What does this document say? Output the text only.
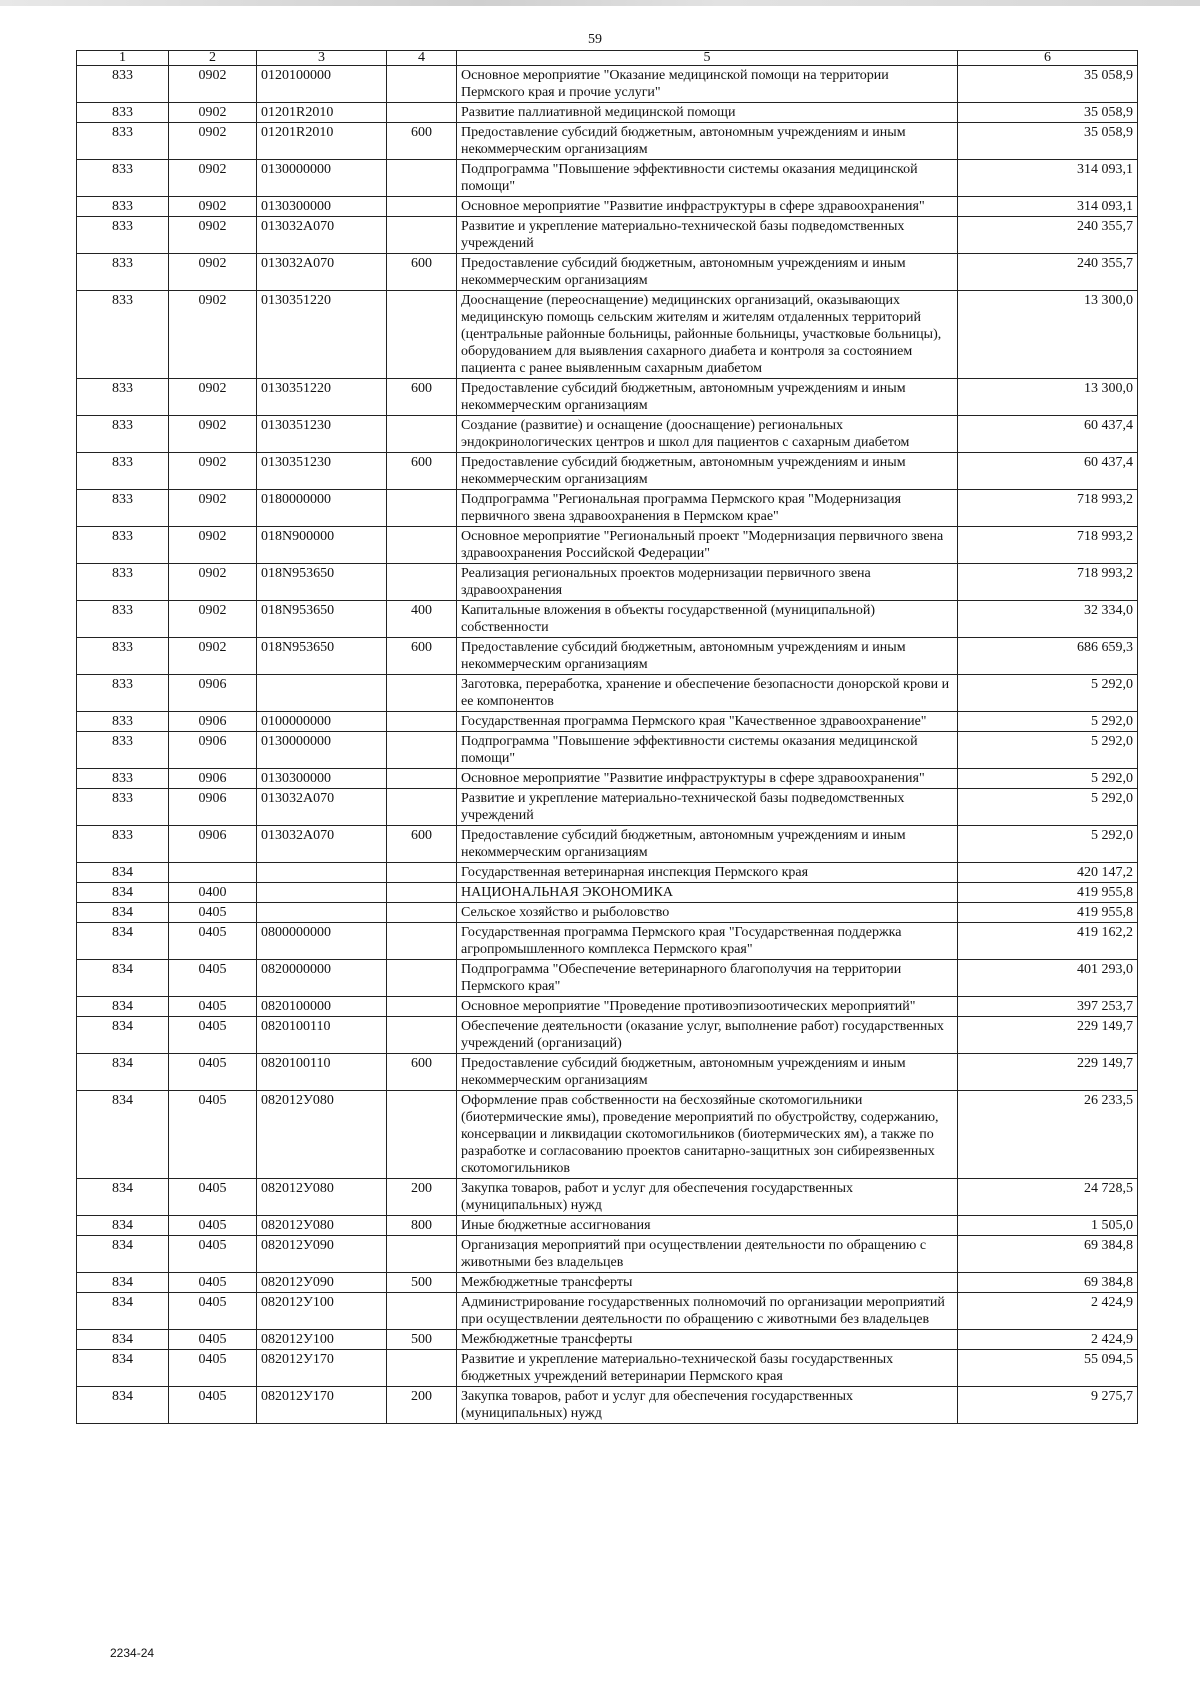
59
1	2	3	4	5	6
833	0902	0120100000		Основное мероприятие "Оказание медицинской помощи на территории Пермского края и прочие услуги"	35 058,9
833	0902	01201R2010		Развитие паллиативной медицинской помощи	35 058,9
833	0902	01201R2010	600	Предоставление субсидий бюджетным, автономным учреждениям и иным некоммерческим организациям	35 058,9
833	0902	0130000000		Подпрограмма "Повышение эффективности системы оказания медицинской помощи"	314 093,1
833	0902	0130300000		Основное мероприятие "Развитие инфраструктуры в сфере здравоохранения"	314 093,1
833	0902	013032А070		Развитие и укрепление материально-технической базы подведомственных учреждений	240 355,7
833	0902	013032А070	600	Предоставление субсидий бюджетным, автономным учреждениям и иным некоммерческим организациям	240 355,7
833	0902	0130351220		Дооснащение (переоснащение) медицинских организаций, оказывающих медицинскую помощь сельским жителям и жителям отдаленных территорий (центральные районные больницы, районные больницы, участковые больницы), оборудованием для выявления сахарного диабета и контроля за состоянием пациента с ранее выявленным сахарным диабетом	13 300,0
833	0902	0130351220	600	Предоставление субсидий бюджетным, автономным учреждениям и иным некоммерческим организациям	13 300,0
833	0902	0130351230		Создание (развитие) и оснащение (дооснащение) региональных эндокринологических центров и школ для пациентов с сахарным диабетом	60 437,4
833	0902	0130351230	600	Предоставление субсидий бюджетным, автономным учреждениям и иным некоммерческим организациям	60 437,4
833	0902	0180000000		Подпрограмма "Региональная программа Пермского края "Модернизация первичного звена здравоохранения в Пермском крае"	718 993,2
833	0902	018N900000		Основное мероприятие "Региональный проект "Модернизация первичного звена здравоохранения Российской Федерации"	718 993,2
833	0902	018N953650		Реализация региональных проектов модернизации первичного звена здравоохранения	718 993,2
833	0902	018N953650	400	Капитальные вложения в объекты государственной (муниципальной) собственности	32 334,0
833	0902	018N953650	600	Предоставление субсидий бюджетным, автономным учреждениям и иным некоммерческим организациям	686 659,3
833	0906			Заготовка, переработка, хранение и обеспечение безопасности донорской крови и ее компонентов	5 292,0
833	0906	0100000000		Государственная программа Пермского края "Качественное здравоохранение"	5 292,0
833	0906	0130000000		Подпрограмма "Повышение эффективности системы оказания медицинской помощи"	5 292,0
833	0906	0130300000		Основное мероприятие "Развитие инфраструктуры в сфере здравоохранения"	5 292,0
833	0906	013032А070		Развитие и укрепление материально-технической базы подведомственных учреждений	5 292,0
833	0906	013032А070	600	Предоставление субсидий бюджетным, автономным учреждениям и иным некоммерческим организациям	5 292,0
834				Государственная ветеринарная инспекция Пермского края	420 147,2
834	0400			НАЦИОНАЛЬНАЯ ЭКОНОМИКА	419 955,8
834	0405			Сельское хозяйство и рыболовство	419 955,8
834	0405	0800000000		Государственная программа Пермского края "Государственная поддержка агропромышленного комплекса Пермского края"	419 162,2
834	0405	0820000000		Подпрограмма "Обеспечение ветеринарного благополучия на территории Пермского края"	401 293,0
834	0405	0820100000		Основное мероприятие "Проведение противоэпизоотических мероприятий"	397 253,7
834	0405	0820100110		Обеспечение деятельности (оказание услуг, выполнение работ) государственных учреждений (организаций)	229 149,7
834	0405	0820100110	600	Предоставление субсидий бюджетным, автономным учреждениям и иным некоммерческим организациям	229 149,7
834	0405	082012У080		Оформление прав собственности на бесхозяйные скотомогильники (биотермические ямы), проведение мероприятий по обустройству, содержанию, консервации и ликвидации скотомогильников (биотермических ям), а также по разработке и согласованию проектов санитарно-защитных зон сибиреязвенных скотомогильников	26 233,5
834	0405	082012У080	200	Закупка товаров, работ и услуг для обеспечения государственных (муниципальных) нужд	24 728,5
834	0405	082012У080	800	Иные бюджетные ассигнования	1 505,0
834	0405	082012У090		Организация мероприятий при осуществлении деятельности по обращению с животными без владельцев	69 384,8
834	0405	082012У090	500	Межбюджетные трансферты	69 384,8
834	0405	082012У100		Администрирование государственных полномочий по организации мероприятий при осуществлении деятельности по обращению с животными без владельцев	2 424,9
834	0405	082012У100	500	Межбюджетные трансферты	2 424,9
834	0405	082012У170		Развитие и укрепление материально-технической базы государственных бюджетных учреждений ветеринарии Пермского края	55 094,5
834	0405	082012У170	200	Закупка товаров, работ и услуг для обеспечения государственных (муниципальных) нужд	9 275,7
2234-24
